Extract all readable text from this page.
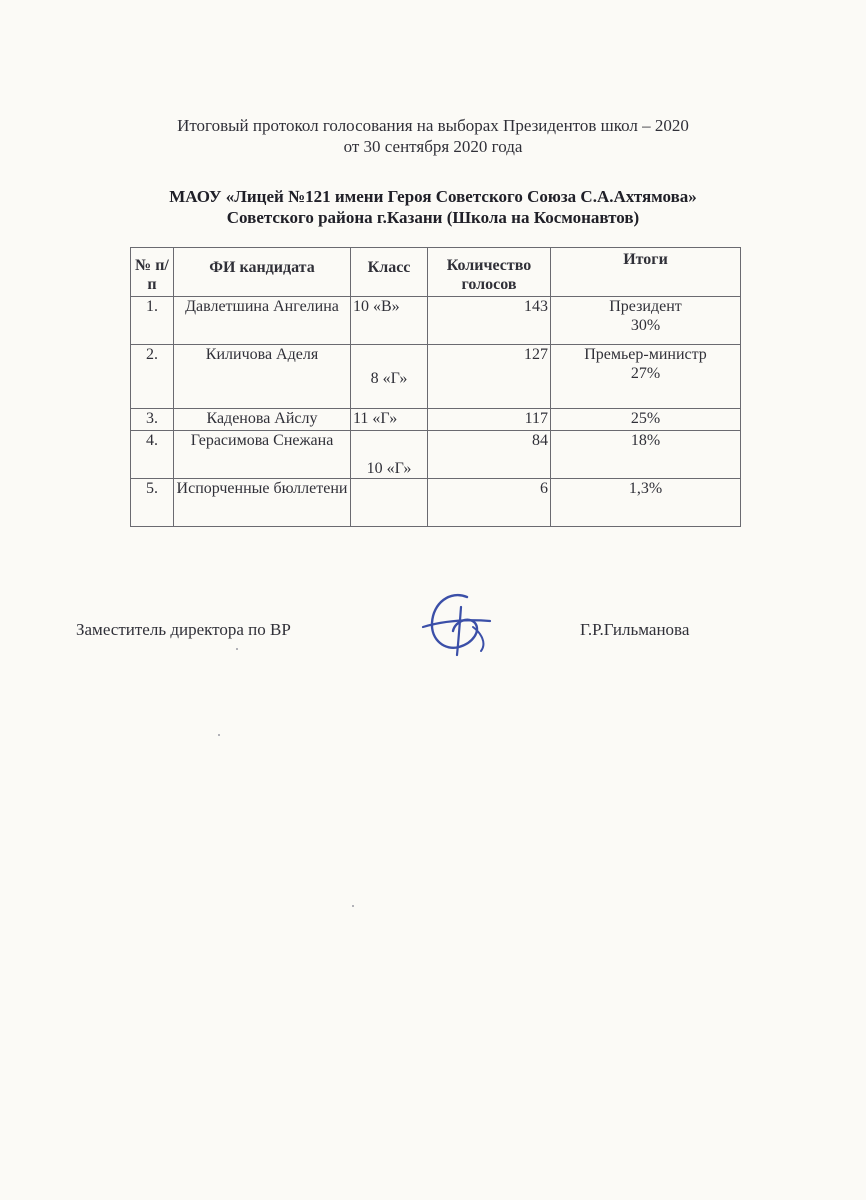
Итоговый протокол голосования на выборах Президентов школ – 2020
от 30 сентября 2020 года
МАОУ «Лицей №121 имени Героя Советского Союза С.А.Ахтямова»
Советского района г.Казани (Школа на Космонавтов)
№ п/п	ФИ кандидата	Класс	Количество голосов	Итоги
1.	Давлетшина Ангелина	10 «В»	143	Президент
30%

2.	Киличова Аделя	8 «Г»	127	Премьер-министр
27%

3.	Каденова Айслу	11 «Г»	117	25%

4.	Герасимова Снежана	10 «Г»	84	18%

5.	Испорченные бюллетени		6	1,3%
Заместитель директора по ВР	Г.Р.Гильманова
